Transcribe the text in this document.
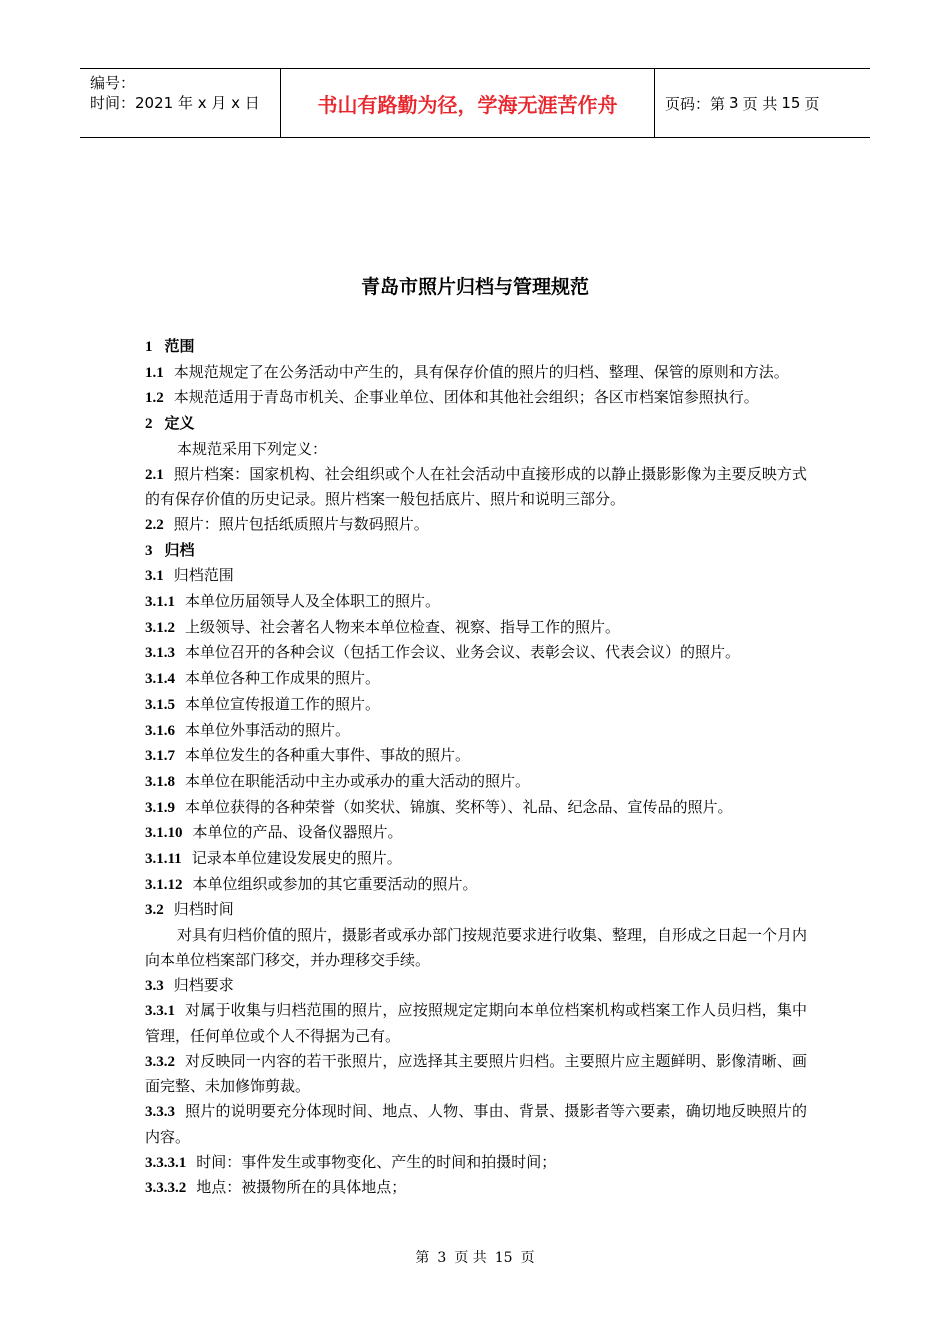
编号：
时间：2021 年 x 月 x 日	书山有路勤为径，学海无涯苦作舟	页码：第 3 页 共 15 页
青岛市照片归档与管理规范

1 范围

1.1 本规范规定了在公务活动中产生的，具有保存价值的照片的归档、整理、保管的原则和方法。

1.2 本规范适用于青岛市机关、企事业单位、团体和其他社会组织；各区市档案馆参照执行。

2 定义

本规范采用下列定义：

2.1 照片档案：国家机构、社会组织或个人在社会活动中直接形成的以静止摄影影像为主要反映方式的有保存价值的历史记录。照片档案一般包括底片、照片和说明三部分。

2.2 照片：照片包括纸质照片与数码照片。

3 归档

3.1 归档范围

3.1.1 本单位历届领导人及全体职工的照片。

3.1.2 上级领导、社会著名人物来本单位检查、视察、指导工作的照片。

3.1.3 本单位召开的各种会议（包括工作会议、业务会议、表彰会议、代表会议）的照片。

3.1.4 本单位各种工作成果的照片。

3.1.5 本单位宣传报道工作的照片。

3.1.6 本单位外事活动的照片。

3.1.7 本单位发生的各种重大事件、事故的照片。

3.1.8 本单位在职能活动中主办或承办的重大活动的照片。

3.1.9 本单位获得的各种荣誉（如奖状、锦旗、奖杯等）、礼品、纪念品、宣传品的照片。

3.1.10 本单位的产品、设备仪器照片。

3.1.11 记录本单位建设发展史的照片。

3.1.12 本单位组织或参加的其它重要活动的照片。

3.2 归档时间

对具有归档价值的照片，摄影者或承办部门按规范要求进行收集、整理，自形成之日起一个月内向本单位档案部门移交，并办理移交手续。

3.3 归档要求

3.3.1 对属于收集与归档范围的照片，应按照规定定期向本单位档案机构或档案工作人员归档，集中管理，任何单位或个人不得据为己有。

3.3.2 对反映同一内容的若干张照片，应选择其主要照片归档。主要照片应主题鲜明、影像清晰、画面完整、未加修饰剪裁。

3.3.3 照片的说明要充分体现时间、地点、人物、事由、背景、摄影者等六要素，确切地反映照片的内容。

3.3.3.1 时间：事件发生或事物变化、产生的时间和拍摄时间；

3.3.3.2 地点：被摄物所在的具体地点；

第 3 页 共 15 页
